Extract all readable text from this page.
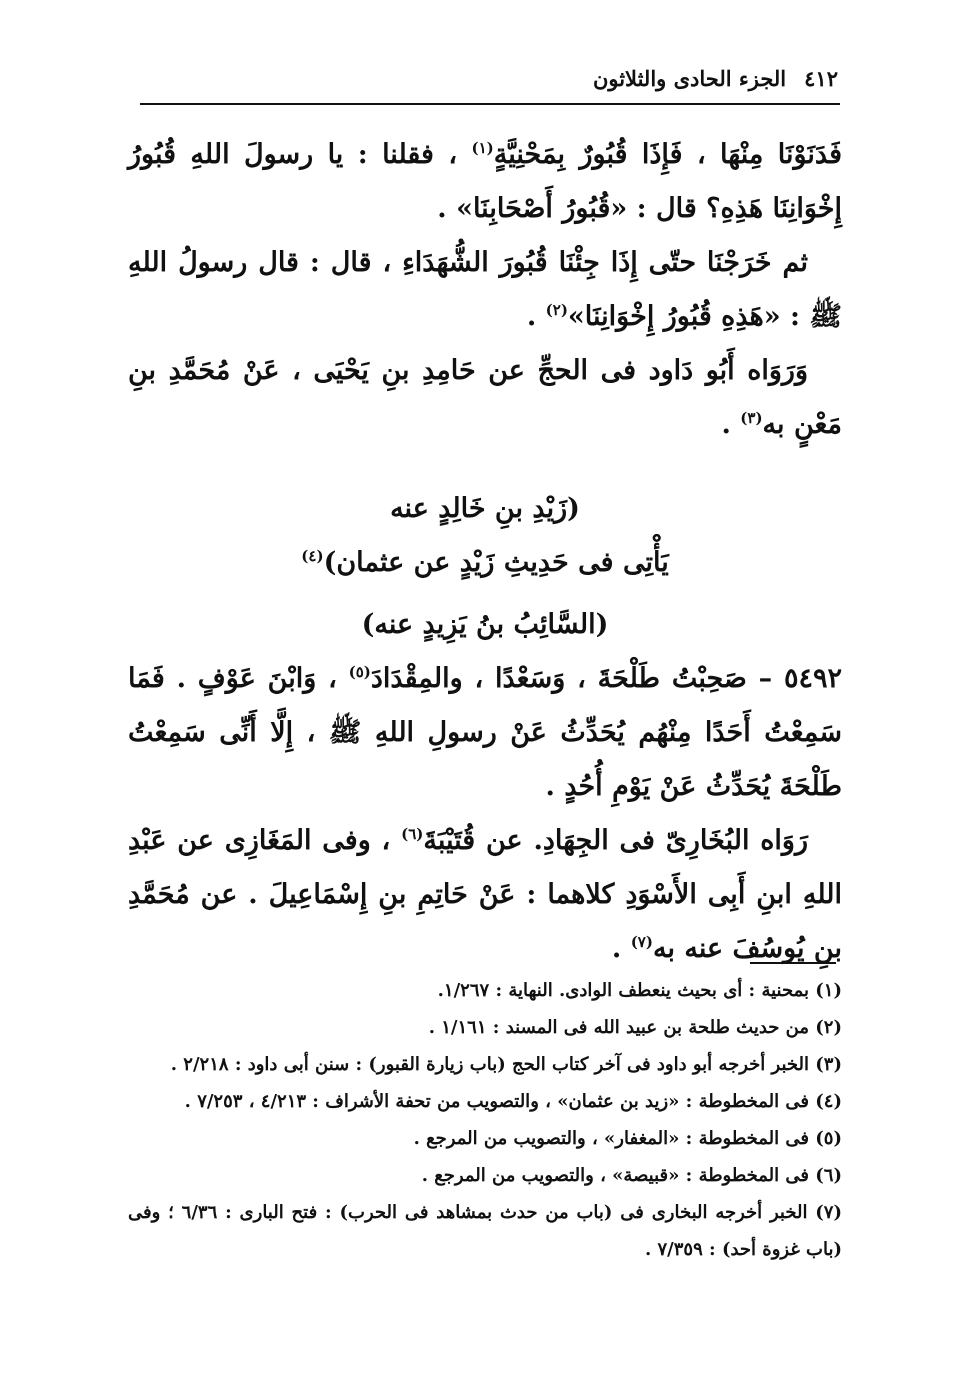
٤١٢
الجزء الحادى والثلاثون

فَدَنَوْنَا مِنْهَا ، فَإِذَا قُبُورٌ بِمَحْنِيَّةٍ$^{(١)}$ ، فقلنا : يا رسولَ اللهِ قُبُورُ إِخْوَانِنَا هَذِهِ؟ قال : «قُبُورُ أَصْحَابِنَا» .

ثم خَرَجْنَا حتّى إِذَا جِئْنَا قُبُورَ الشُّهَدَاءِ ، قال : قال رسولُ اللهِ ﷺ : «هَذِهِ قُبُورُ إِخْوَانِنَا»$^{(٢)}$ .

وَرَوَاه أَبُو دَاود فى الحجِّ عن حَامِدِ بنِ يَحْيَى ، عَنْ مُحَمَّدِ بنِ مَعْنٍ به$^{(٣)}$ .

(زَيْدِ بنِ خَالِدٍ عنه

يَأْتِى فى حَدِيثِ زَيْدٍ عن عثمان)$^{(٤)}$

(السَّائِبُ بنُ يَزِيدٍ عنه)

٥٤٩٢ – صَحِبْتُ طَلْحَةَ ، وَسَعْدًا ، والمِقْدَادَ$^{(٥)}$ ، وَابْنَ عَوْفٍ . فَمَا سَمِعْتُ أَحَدًا مِنْهُم يُحَدِّثُ عَنْ رسولِ اللهِ ﷺ ، إِلَّا أَنِّى سَمِعْتُ طَلْحَةَ يُحَدِّثُ عَنْ يَوْمِ أُحُدٍ .

رَوَاه البُخَارِىّ فى الجِهَادِ. عن قُتَيْبَةَ$^{(٦)}$ ، وفى المَغَازِى عن عَبْدِ اللهِ ابنِ أَبِى الأَسْوَدِ كلاهما : عَنْ حَاتِمِ بنِ إِسْمَاعِيلَ . عن مُحَمَّدِ بنِ يُوسُفَ عنه به$^{(٧)}$ .

(١) بمحنية : أى بحيث ينعطف الوادى. النهاية : ١/٢٦٧.

(٢) من حديث طلحة بن عبيد الله فى المسند : ١/١٦١ .

(٣) الخبر أخرجه أبو داود فى آخر كتاب الحج (باب زيارة القبور) : سنن أبى داود : ٢/٢١٨ .

(٤) فى المخطوطة : «زيد بن عثمان» ، والتصويب من تحفة الأشراف : ٤/٢١٣ ، ٧/٢٥٣ .

(٥) فى المخطوطة : «المغفار» ، والتصويب من المرجع .

(٦) فى المخطوطة : «قبيصة» ، والتصويب من المرجع .

(٧) الخبر أخرجه البخارى فى (باب من حدث بمشاهد فى الحرب) : فتح البارى : ٦/٣٦ ؛ وفى (باب غزوة أحد) : ٧/٣٥٩ .
